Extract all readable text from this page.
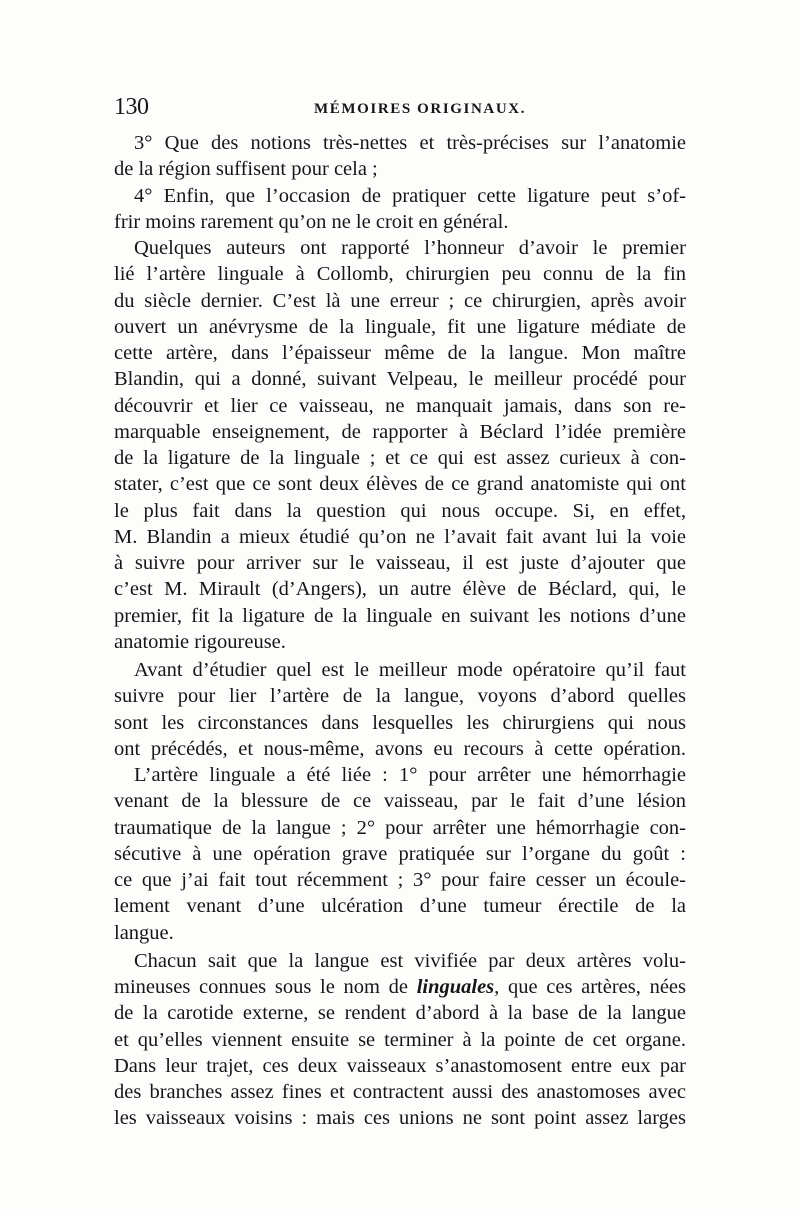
130	MÉMOIRES ORIGINAUX.
3° Que des notions très-nettes et très-précises sur l’anatomie
de la région suffisent pour cela ;
4° Enfin, que l’occasion de pratiquer cette ligature peut s’of-
frir moins rarement qu’on ne le croit en général.
Quelques auteurs ont rapporté l’honneur d’avoir le premier
lié l’artère linguale à Collomb, chirurgien peu connu de la fin
du siècle dernier. C’est là une erreur ; ce chirurgien, après avoir
ouvert un anévrysme de la linguale, fit une ligature médiate de
cette artère, dans l’épaisseur même de la langue. Mon maître
Blandin, qui a donné, suivant Velpeau, le meilleur procédé pour
découvrir et lier ce vaisseau, ne manquait jamais, dans son re-
marquable enseignement, de rapporter à Béclard l’idée première
de la ligature de la linguale ; et ce qui est assez curieux à con-
stater, c’est que ce sont deux élèves de ce grand anatomiste qui ont
le plus fait dans la question qui nous occupe. Si, en effet,
M. Blandin a mieux étudié qu’on ne l’avait fait avant lui la voie
à suivre pour arriver sur le vaisseau, il est juste d’ajouter que
c’est M. Mirault (d’Angers), un autre élève de Béclard, qui, le
premier, fit la ligature de la linguale en suivant les notions d’une
anatomie rigoureuse.
Avant d’étudier quel est le meilleur mode opératoire qu’il faut
suivre pour lier l’artère de la langue, voyons d’abord quelles
sont les circonstances dans lesquelles les chirurgiens qui nous
ont précédés, et nous-même, avons eu recours à cette opération.
L’artère linguale a été liée : 1° pour arrêter une hémorrhagie
venant de la blessure de ce vaisseau, par le fait d’une lésion
traumatique de la langue ; 2° pour arrêter une hémorrhagie con-
sécutive à une opération grave pratiquée sur l’organe du goût :
ce que j’ai fait tout récemment ; 3° pour faire cesser un écoule-
lement venant d’une ulcération d’une tumeur érectile de la
langue.
Chacun sait que la langue est vivifiée par deux artères volu-
mineuses connues sous le nom de linguales, que ces artères, nées
de la carotide externe, se rendent d’abord à la base de la langue
et qu’elles viennent ensuite se terminer à la pointe de cet organe.
Dans leur trajet, ces deux vaisseaux s’anastomosent entre eux par
des branches assez fines et contractent aussi des anastomoses avec
les vaisseaux voisins : mais ces unions ne sont point assez larges
